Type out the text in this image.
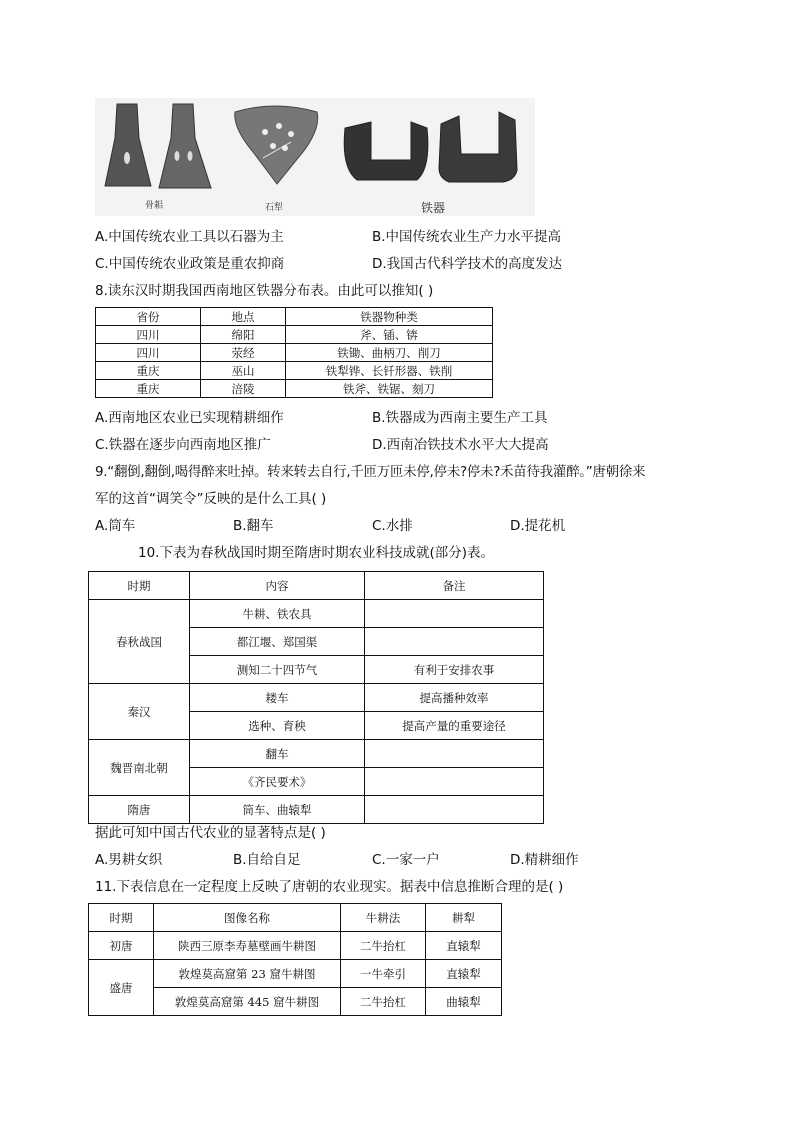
骨耜	石犁	铁器
A.中国传统农业工具以石器为主	B.中国传统农业生产力水平提高
C.中国传统农业政策是重农抑商	D.我国古代科学技术的高度发达
8.读东汉时期我国西南地区铁器分布表。由此可以推知( )
省份	地点	铁器物种类
四川	绵阳	斧、锸、锛
四川	荥经	铁锄、曲柄刀、削刀
重庆	巫山	铁犁铧、长钎形器、铁削
重庆	涪陵	铁斧、铁锯、刻刀
A.西南地区农业已实现精耕细作	B.铁器成为西南主要生产工具
C.铁器在逐步向西南地区推广	D.西南冶铁技术水平大大提高
9.“翻倒,翻倒,喝得醉来吐掉。转来转去自行,千匝万匝未停,停未?停未?禾苗待我灌醉。”唐朝徐来
军的这首“调笑令”反映的是什么工具( )
A.筒车	B.翻车	C.水排	D.提花机
10.下表为春秋战国时期至隋唐时期农业科技成就(部分)表。
时期	内容	备注
春秋战国	牛耕、铁农具	
	都江堰、郑国渠	
	测知二十四节气	有利于安排农事
秦汉	耧车	提高播种效率
	选种、育秧	提高产量的重要途径
魏晋南北朝	翻车	
	《齐民要术》	
隋唐	筒车、曲辕犁	
据此可知中国古代农业的显著特点是( )
A.男耕女织	B.自给自足	C.一家一户	D.精耕细作
11.下表信息在一定程度上反映了唐朝的农业现实。据表中信息推断合理的是( )
时期	图像名称	牛耕法	耕犁
初唐	陕西三原李寿墓壁画牛耕图	二牛抬杠	直辕犁
盛唐	敦煌莫高窟第 23 窟牛耕图	一牛牵引	直辕犁
	敦煌莫高窟第 445 窟牛耕图	二牛抬杠	曲辕犁
